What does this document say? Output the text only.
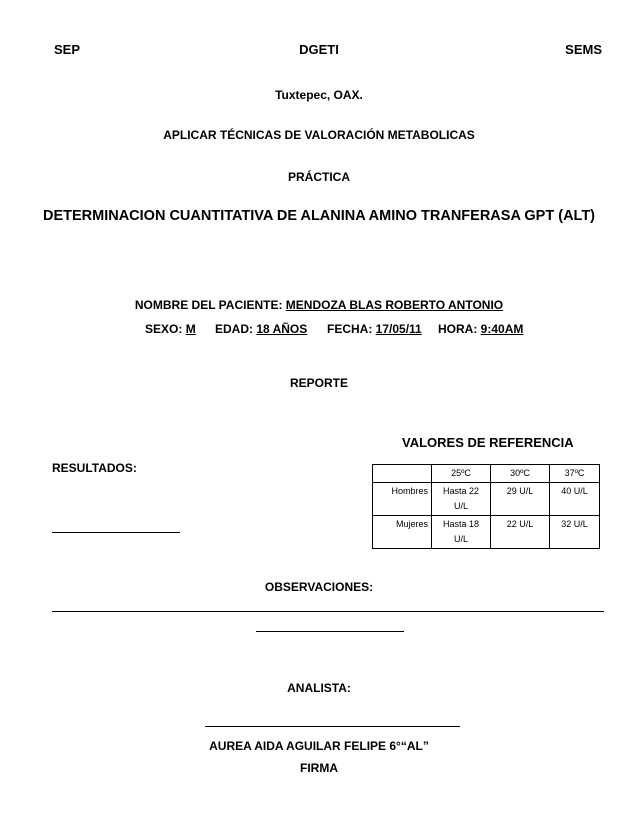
SEP	DGETI	SEMS
Tuxtepec, OAX.
APLICAR TÉCNICAS DE VALORACIÓN METABOLICAS
PRÁCTICA
DETERMINACION CUANTITATIVA DE ALANINA AMINO TRANFERASA GPT (ALT)
NOMBRE DEL PACIENTE: MENDOZA BLAS ROBERTO ANTONIO
SEXO: M EDAD: 18 AÑOS FECHA: 17/05/11 HORA: 9:40AM
REPORTE
VALORES DE REFERENCIA
RESULTADOS:
		25ºC	30ºC	37ºC
Hombres	Hasta 22 U/L	29 U/L	40 U/L
Mujeres	Hasta 18 U/L	22 U/L	32 U/L
OBSERVACIONES:
ANALISTA:
AUREA AIDA AGUILAR FELIPE 6°“AL”
FIRMA
